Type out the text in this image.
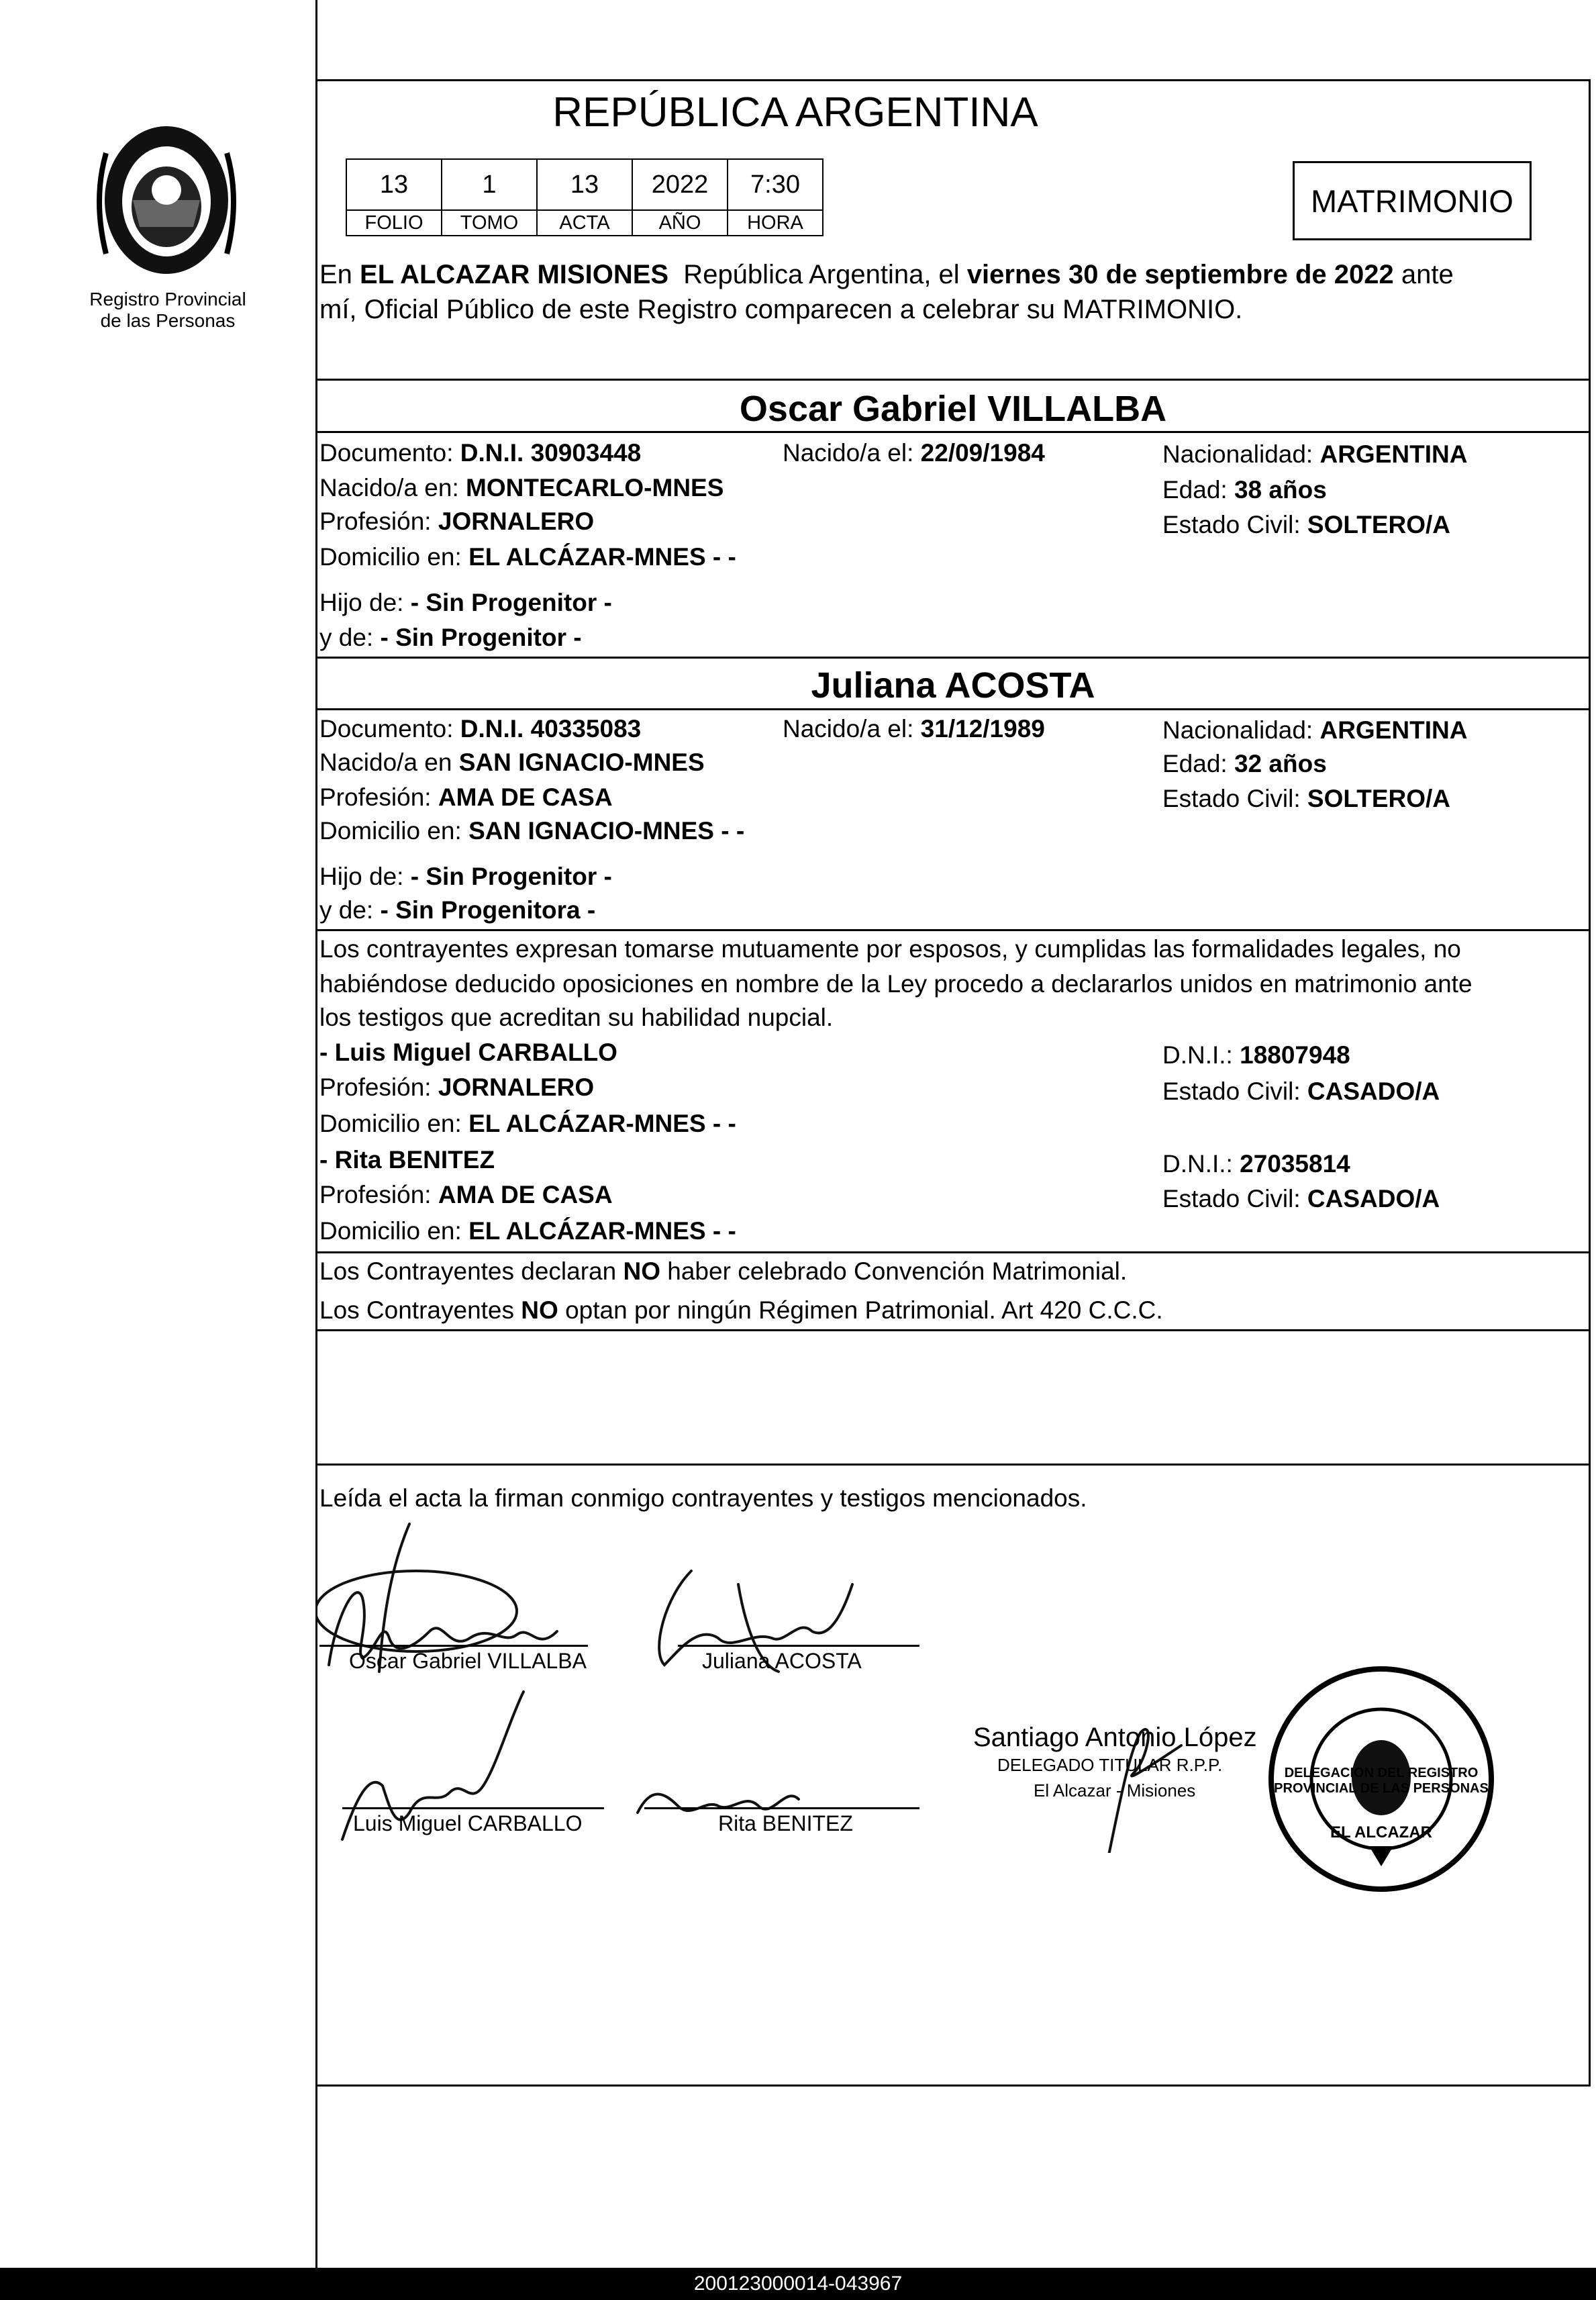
Registro Provincial
de las Personas
REPÚBLICA ARGENTINA
13	1	13	2022	7:30
FOLIO	TOMO	ACTA	AÑO	HORA
MATRIMONIO
En EL ALCAZAR MISIONES  República Argentina, el viernes 30 de septiembre de 2022 ante
mí, Oficial Público de este Registro comparecen a celebrar su MATRIMONIO.
Oscar Gabriel VILLALBA
Documento: D.N.I. 30903448	Nacido/a el: 22/09/1984	Nacionalidad: ARGENTINA
Nacido/a en: MONTECARLO-MNES	Edad: 38 años
Profesión: JORNALERO	Estado Civil: SOLTERO/A
Domicilio en: EL ALCÁZAR-MNES - -
Hijo de: - Sin Progenitor -
y de: - Sin Progenitor -
Juliana ACOSTA
Documento: D.N.I. 40335083	Nacido/a el: 31/12/1989	Nacionalidad: ARGENTINA
Nacido/a en SAN IGNACIO-MNES	Edad: 32 años
Profesión: AMA DE CASA	Estado Civil: SOLTERO/A
Domicilio en: SAN IGNACIO-MNES - -
Hijo de: - Sin Progenitor -
y de: - Sin Progenitora -
Los contrayentes expresan tomarse mutuamente por esposos, y cumplidas las formalidades legales, no
habiéndose deducido oposiciones en nombre de la Ley procedo a declararlos unidos en matrimonio ante
los testigos que acreditan su habilidad nupcial.
- Luis Miguel CARBALLO	D.N.I.: 18807948
Profesión: JORNALERO	Estado Civil: CASADO/A
Domicilio en: EL ALCÁZAR-MNES - -
- Rita BENITEZ	D.N.I.: 27035814
Profesión: AMA DE CASA	Estado Civil: CASADO/A
Domicilio en: EL ALCÁZAR-MNES - -
Los Contrayentes declaran NO haber celebrado Convención Matrimonial.
Los Contrayentes NO optan por ningún Régimen Patrimonial. Art 420 C.C.C.
Leída el acta la firman conmigo contrayentes y testigos mencionados.
Oscar Gabriel VILLALBA	Juliana ACOSTA
Luis Miguel CARBALLO	Rita BENITEZ
Santiago Antonio López
DELEGADO TITULAR R.P.P.
El Alcazar - Misiones
DELEGACION DEL REGISTRO PROVINCIAL DE LAS PERSONAS
EL ALCAZAR
200123000014-043967
